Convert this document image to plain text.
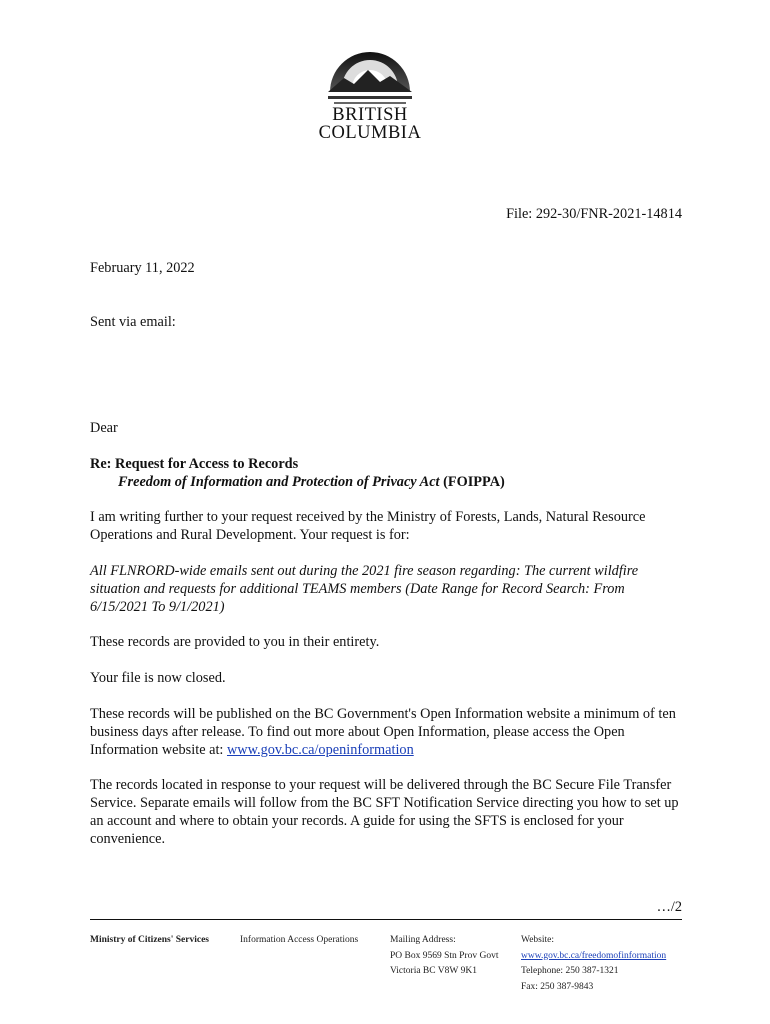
BRITISH
COLUMBIA
File: 292-30/FNR-2021-14814
February 11, 2022
Sent via email:
Dear
Re: Request for Access to Records
Freedom of Information and Protection of Privacy Act (FOIPPA)
I am writing further to your request received by the Ministry of Forests, Lands, Natural Resource Operations and Rural Development. Your request is for:
All FLNRORD-wide emails sent out during the 2021 fire season regarding: The current wildfire situation and requests for additional TEAMS members (Date Range for Record Search: From 6/15/2021 To 9/1/2021)
These records are provided to you in their entirety.
Your file is now closed.
These records will be published on the BC Government's Open Information website a minimum of ten business days after release. To find out more about Open Information, please access the Open Information website at: www.gov.bc.ca/openinformation
The records located in response to your request will be delivered through the BC Secure File Transfer Service. Separate emails will follow from the BC SFT Notification Service directing you how to set up an account and where to obtain your records. A guide for using the SFTS is enclosed for your convenience.
…/2
Ministry of Citizens' Services	Information Access Operations	Mailing Address:
PO Box 9569 Stn Prov Govt
Victoria BC V8W 9K1
Website:
www.gov.bc.ca/freedomofinformation
Telephone: 250 387-1321
Fax: 250 387-9843
